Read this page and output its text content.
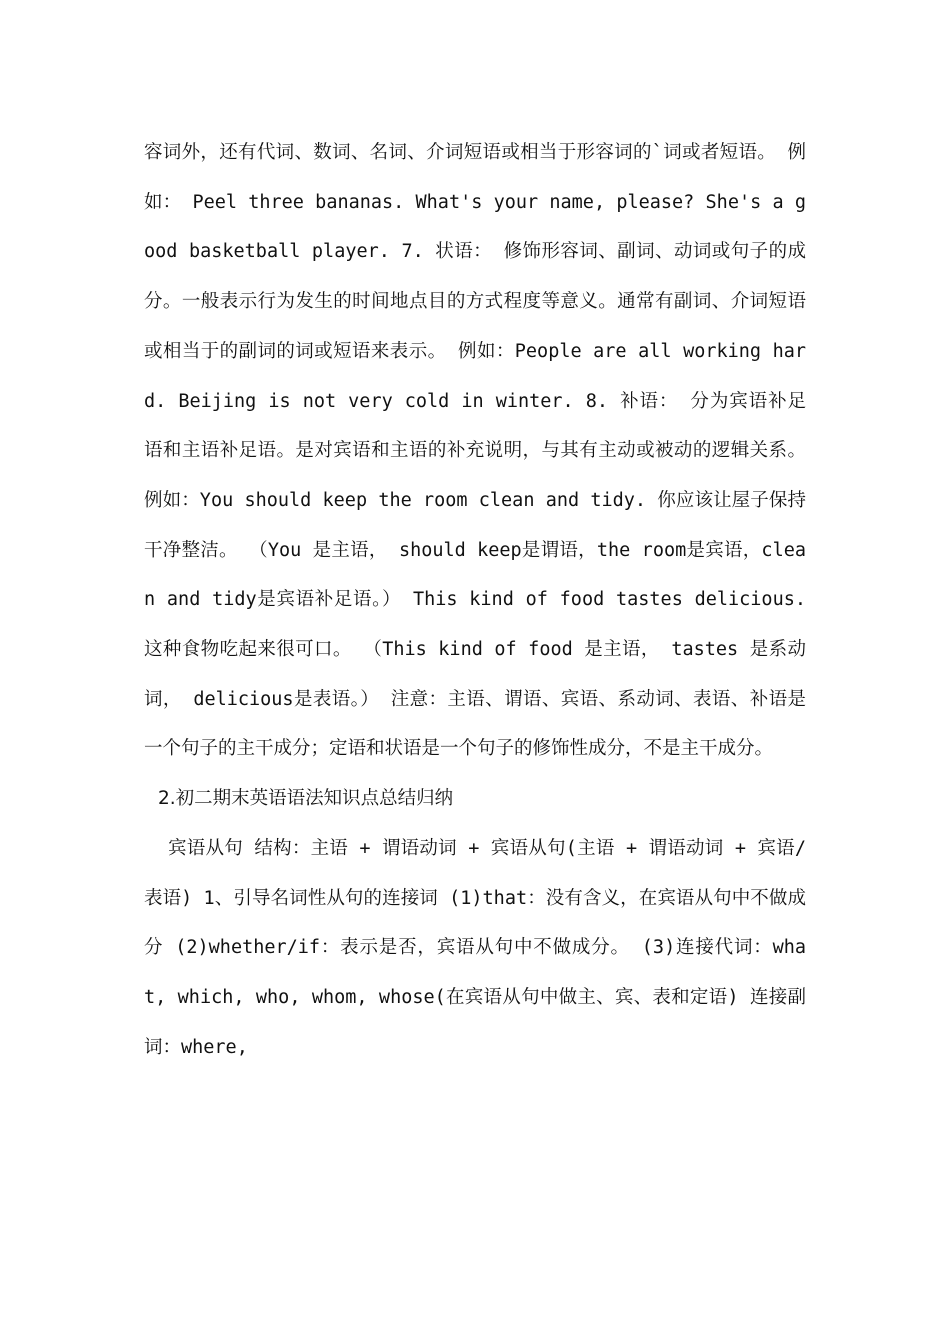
容词外，还有代词、数词、名词、介词短语或相当于形容词的`词或者短语。 例如： Peel three bananas. What's your name, please? She's a good basketball player. 7. 状语： 修饰形容词、副词、动词或句子的成分。一般表示行为发生的时间地点目的方式程度等意义。通常有副词、介词短语或相当于的副词的词或短语来表示。 例如：People are all working hard. Beijing is not very cold in winter. 8. 补语： 分为宾语补足语和主语补足语。是对宾语和主语的补充说明，与其有主动或被动的逻辑关系。 例如：You should keep the room clean and tidy. 你应该让屋子保持干净整洁。 （You 是主语， should keep是谓语，the room是宾语，clean and tidy是宾语补足语。） This kind of food tastes delicious. 这种食物吃起来很可口。 （This kind of food 是主语， tastes 是系动词， delicious是表语。） 注意：主语、谓语、宾语、系动词、表语、补语是一个句子的主干成分；定语和状语是一个句子的修饰性成分，不是主干成分。

2.初二期末英语语法知识点总结归纳

宾语从句 结构：主语 + 谓语动词 + 宾语从句(主语 + 谓语动词 + 宾语/表语) 1、引导名词性从句的连接词 (1)that：没有含义，在宾语从句中不做成分 (2)whether/if：表示是否，宾语从句中不做成分。 (3)连接代词：what, which, who, whom, whose(在宾语从句中做主、宾、表和定语) 连接副词：where,
